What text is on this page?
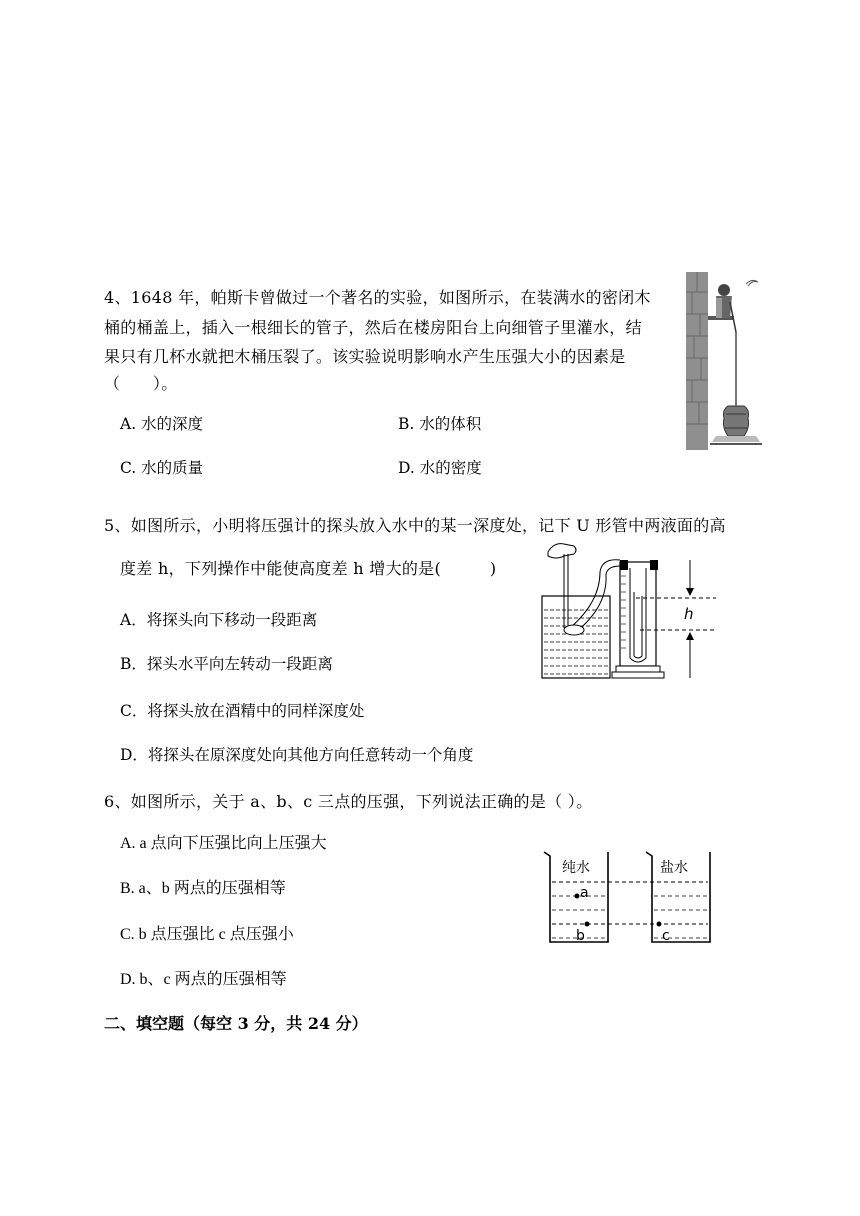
4、1648 年，帕斯卡曾做过一个著名的实验，如图所示，在装满水的密闭木
桶的桶盖上，插入一根细长的管子，然后在楼房阳台上向细管子里灌水，结
果只有几杯水就把木桶压裂了。该实验说明影响水产生压强大小的因素是
（　　）。
A. 水的深度	B. 水的体积
C. 水的质量	D. 水的密度
5、如图所示，小明将压强计的探头放入水中的某一深度处，记下 U 形管中两液面的高
度差 h，下列操作中能使高度差 h 增大的是(　　　)
A．将探头向下移动一段距离
B．探头水平向左转动一段距离
C．将探头放在酒精中的同样深度处
D．将探头在原深度处向其他方向任意转动一个角度
h
6、如图所示，关于 a、b、c 三点的压强，下列说法正确的是（ ）。
A. a 点向下压强比向上压强大
B. a、b 两点的压强相等
C. b 点压强比 c 点压强小
D. b、c 两点的压强相等
纯水	盐水
a
b	c
二、填空题（每空 3 分，共 24 分）
